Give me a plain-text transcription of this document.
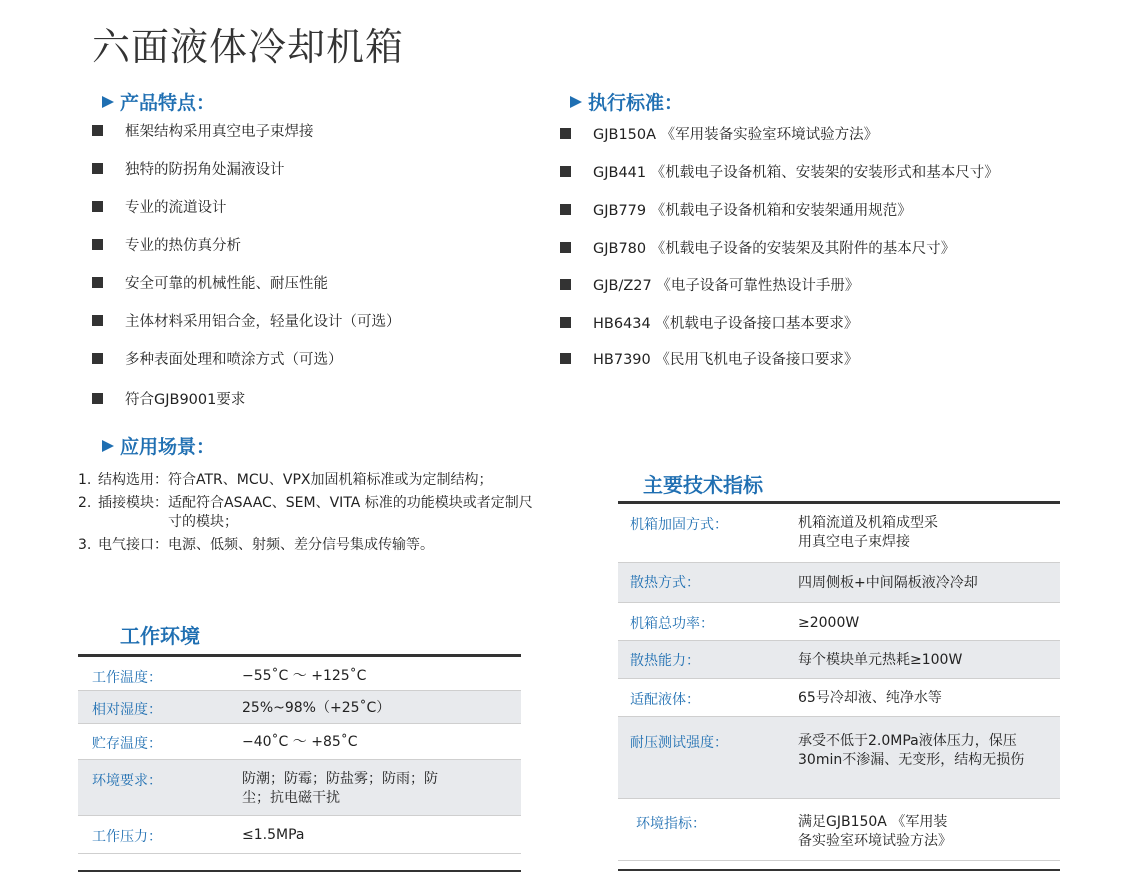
六面液体冷却机箱
产品特点：
框架结构采用真空电子束焊接
独特的防拐角处漏液设计
专业的流道设计
专业的热仿真分析
安全可靠的机械性能、耐压性能
主体材料采用铝合金，轻量化设计（可选）
多种表面处理和喷涂方式（可选）
符合GJB9001要求
执行标准：
GJB150A 《军用装备实验室环境试验方法》
GJB441 《机载电子设备机箱、安装架的安装形式和基本尺寸》
GJB779 《机载电子设备机箱和安装架通用规范》
GJB780 《机载电子设备的安装架及其附件的基本尺寸》
GJB/Z27 《电子设备可靠性热设计手册》
HB6434 《机载电子设备接口基本要求》
HB7390 《民用飞机电子设备接口要求》
应用场景：
1. 结构选用： 符合ATR、MCU、VPX加固机箱标准或为定制结构；
2. 插接模块： 适配符合ASAAC、SEM、VITA 标准的功能模块或者定制尺寸的模块；
3. 电气接口： 电源、低频、射频、差分信号集成传输等。
工作环境
工作温度：	−55˚C ～ +125˚C
相对湿度：	25%~98%（+25˚C）
贮存温度：	−40˚C ～ +85˚C
环境要求：	防潮；防霉；防盐雾；防雨；防尘；抗电磁干扰
工作压力：	≤1.5MPa
主要技术指标
机箱加固方式：	机箱流道及机箱成型采用真空电子束焊接
散热方式：	四周侧板+中间隔板液冷冷却
机箱总功率：	≥2000W
散热能力：	每个模块单元热耗≥100W
适配液体：	65号冷却液、纯净水等
耐压测试强度：	承受不低于2.0MPa液体压力，保压30min不渗漏、无变形，结构无损伤
环境指标：	满足GJB150A 《军用装备实验室环境试验方法》
